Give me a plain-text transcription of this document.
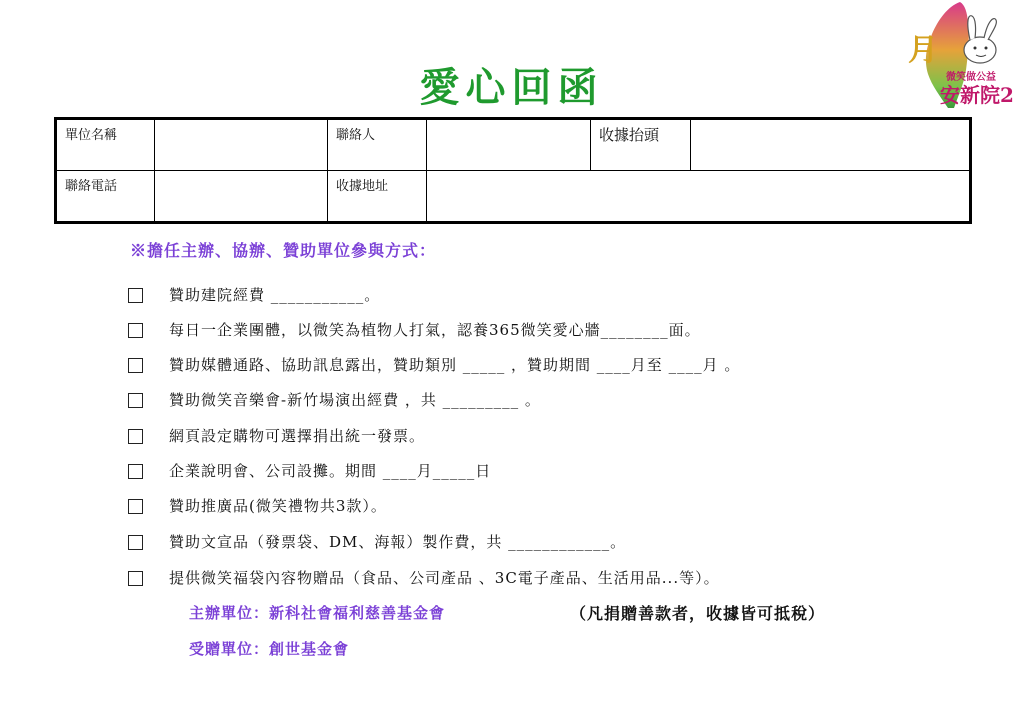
愛心回函
月
微笑做公益
安新院2
單位名稱		聯絡人		收據抬頭	
聯絡電話		收據地址			
※擔任主辦、協辦、贊助單位參與方式：
贊助建院經費 ___________。
每日一企業團體，以微笑為植物人打氣，認養365微笑愛心牆________面。
贊助媒體通路、協助訊息露出，贊助類別 _____ ，贊助期間 ____月至 ____月 。
贊助微笑音樂會-新竹場演出經費 ，共 _________ 。
網頁設定購物可選擇捐出統一發票。
企業說明會、公司設攤。期間 ____月_____日
贊助推廣品(微笑禮物共3款）。
贊助文宣品（發票袋、DM、海報）製作費，共 ____________。
提供微笑福袋內容物贈品（食品、公司產品 、3C電子產品、生活用品...等）。
主辦單位：新科社會福利慈善基金會	（凡捐贈善款者，收據皆可抵稅）
受贈單位：創世基金會
